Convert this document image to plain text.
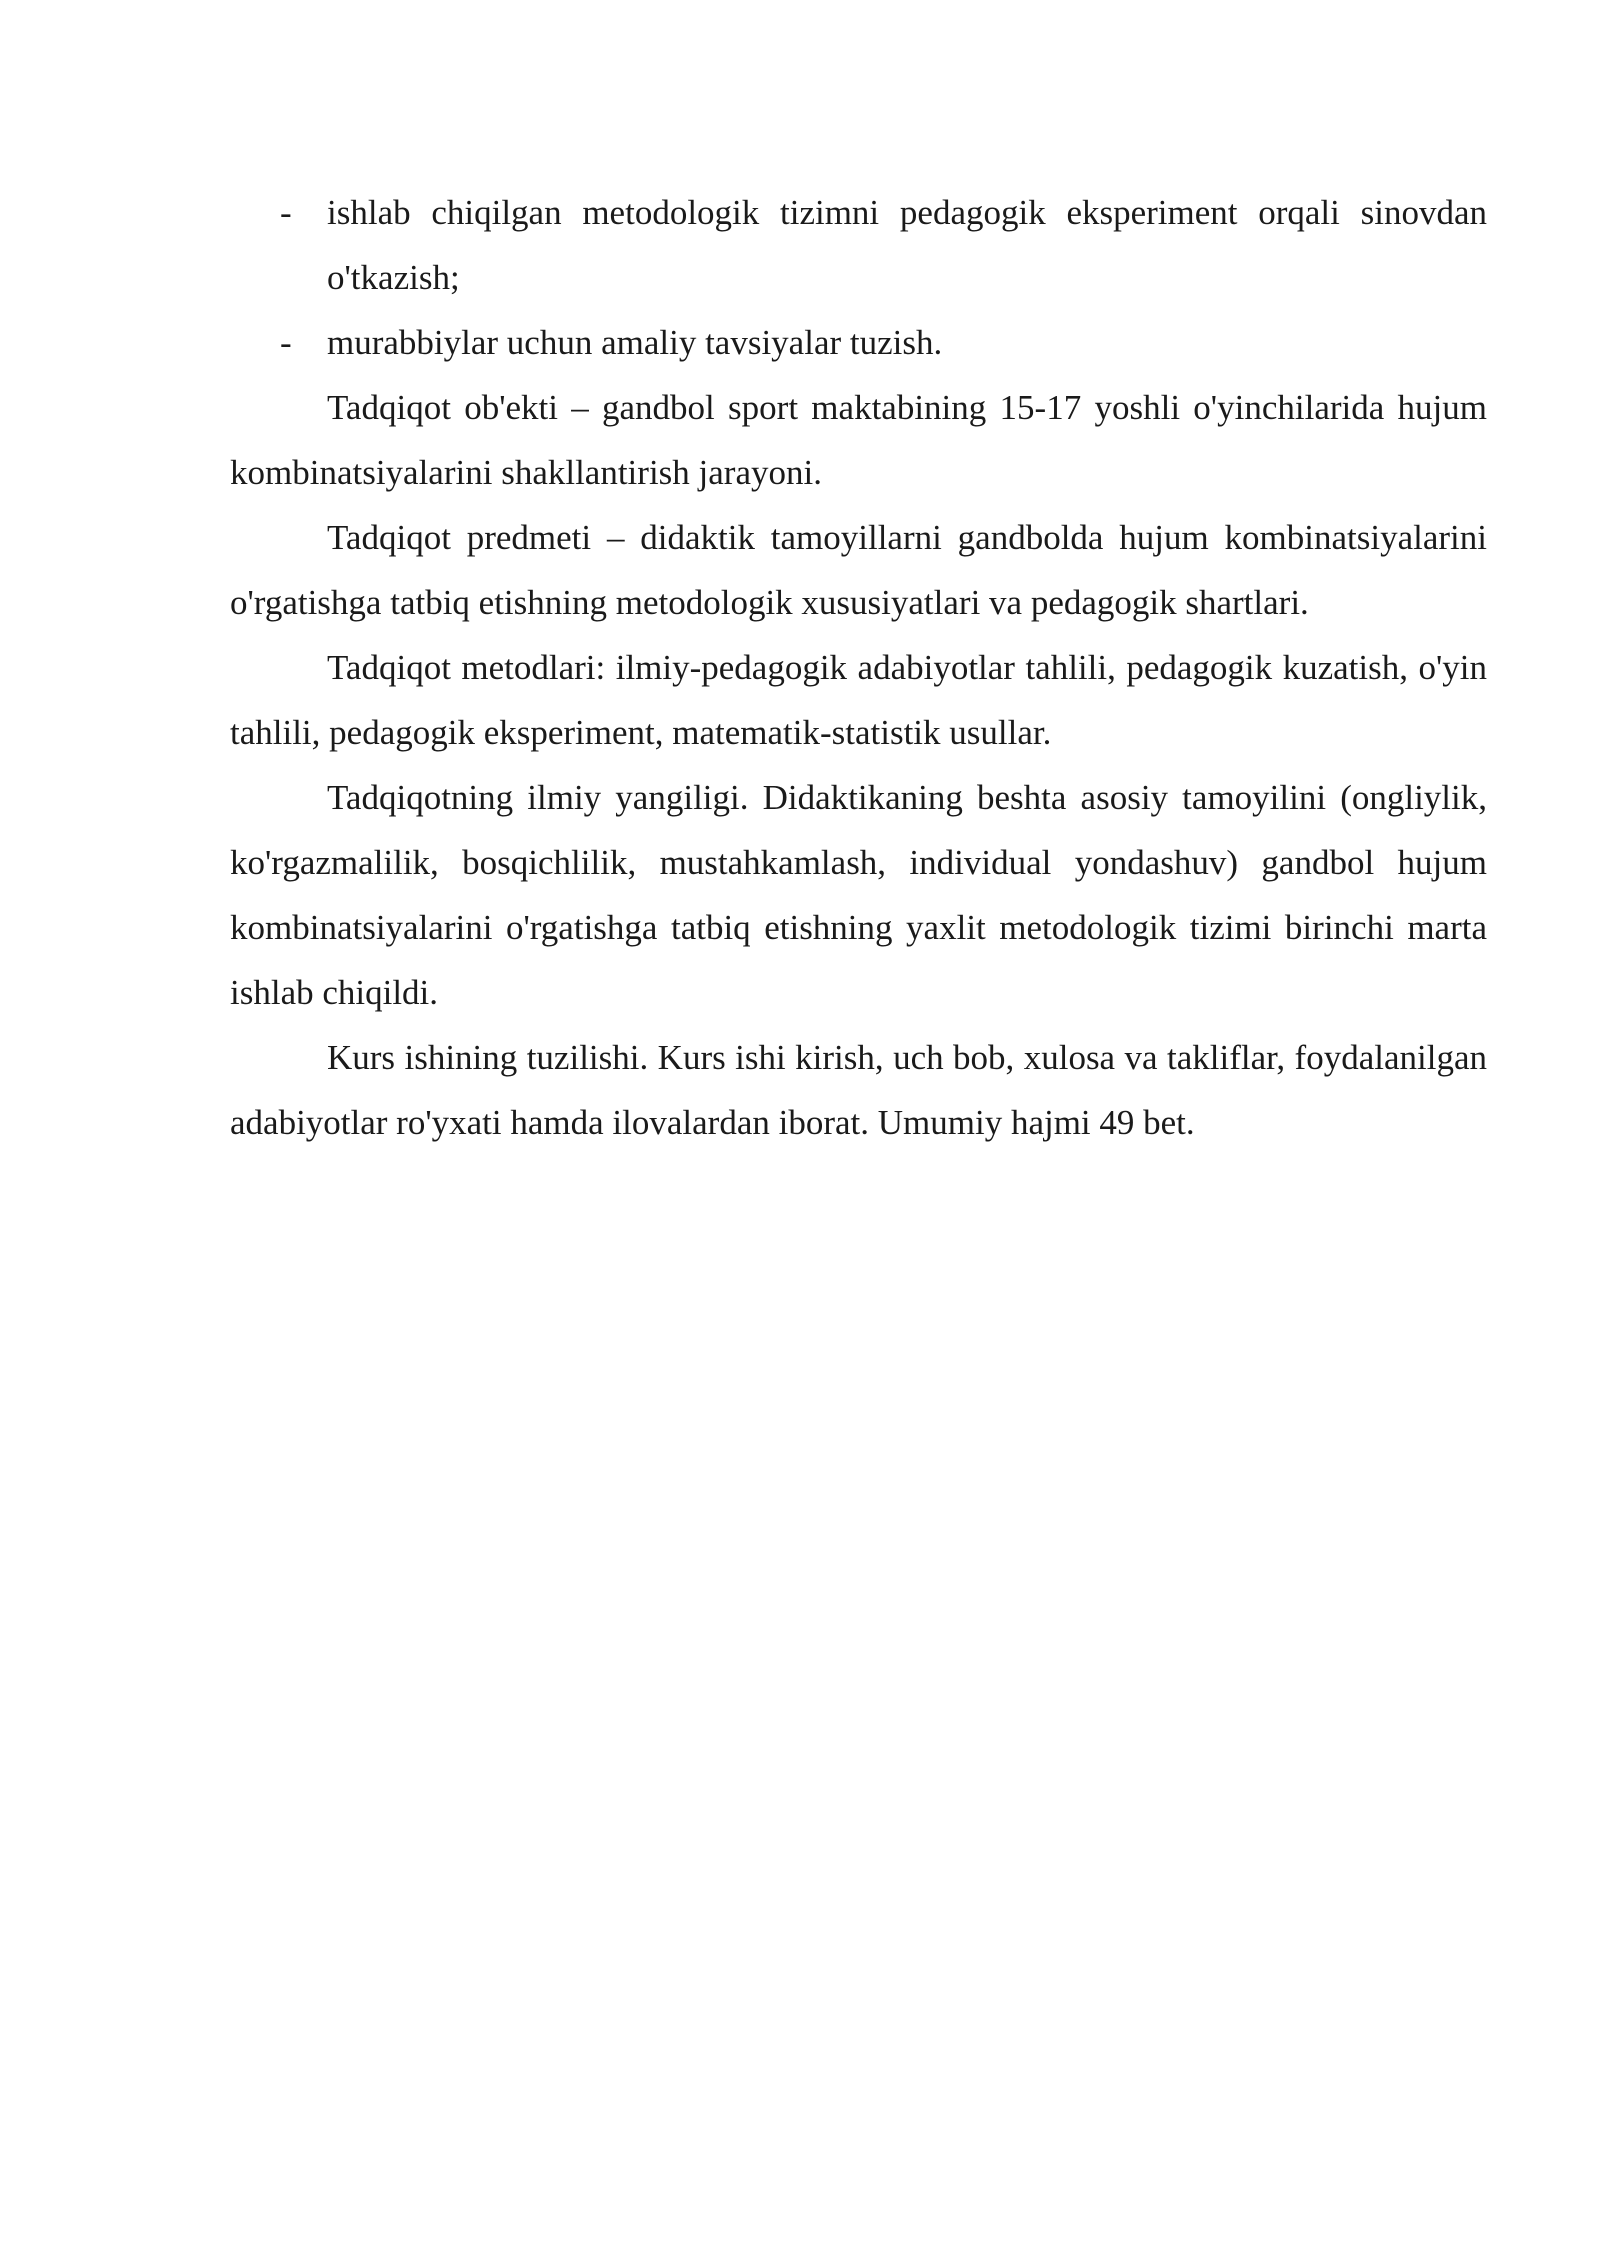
- ishlab chiqilgan metodologik tizimni pedagogik eksperiment orqali sinovdan o'tkazish;

- murabbiylar uchun amaliy tavsiyalar tuzish.

Tadqiqot ob'ekti – gandbol sport maktabining 15-17 yoshli o'yinchilarida hujum kombinatsiyalarini shakllantirish jarayoni.

Tadqiqot predmeti – didaktik tamoyillarni gandbolda hujum kombinatsiyalarini o'rgatishga tatbiq etishning metodologik xususiyatlari va pedagogik shartlari.

Tadqiqot metodlari: ilmiy-pedagogik adabiyotlar tahlili, pedagogik kuzatish, o'yin tahlili, pedagogik eksperiment, matematik-statistik usullar.

Tadqiqotning ilmiy yangiligi. Didaktikaning beshta asosiy tamoyilini (ongliylik, ko'rgazmalilik, bosqichlilik, mustahkamlash, individual yondashuv) gandbol hujum kombinatsiyalarini o'rgatishga tatbiq etishning yaxlit metodologik tizimi birinchi marta ishlab chiqildi.

Kurs ishining tuzilishi. Kurs ishi kirish, uch bob, xulosa va takliflar, foydalanilgan adabiyotlar ro'yxati hamda ilovalardan iborat. Umumiy hajmi 49 bet.
